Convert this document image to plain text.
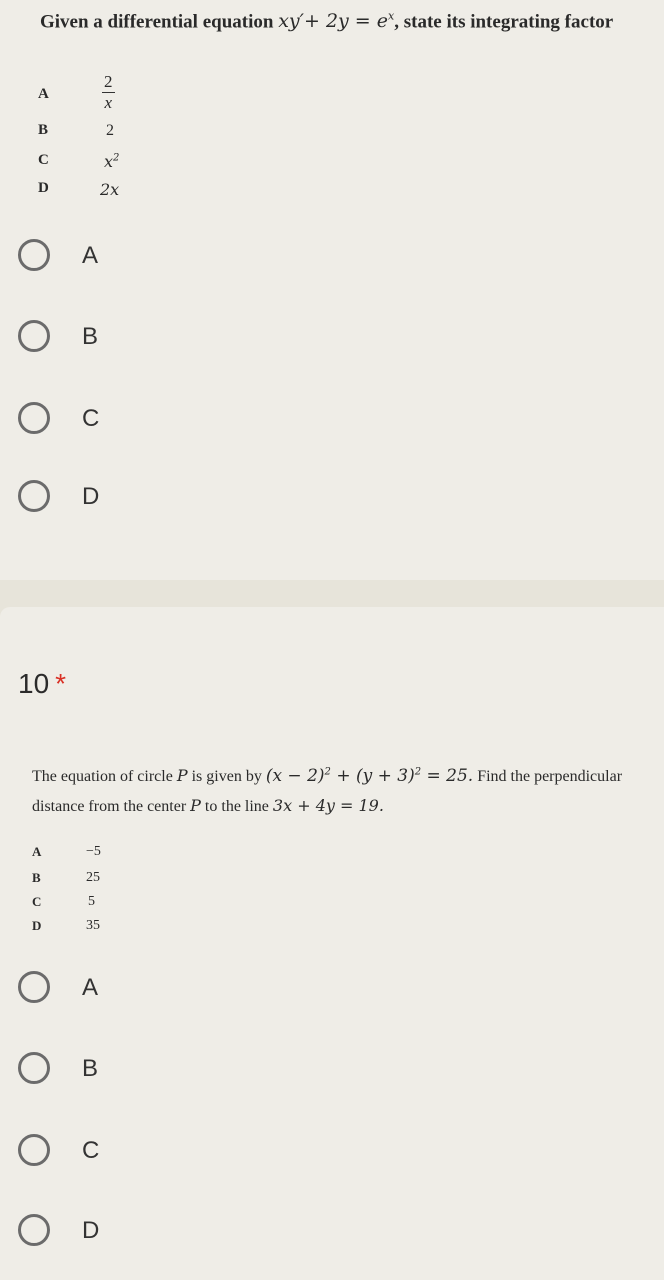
Given a differential equation $xy'+ 2y = e^x$, state its integrating factor
A	$\frac{2}{x}$
B	2
C	$x^2$
D	2x
A
B
C
D
10 *
The equation of circle P is given by $(x - 2)^2 + (y + 3)^2 = 25$. Find the perpendicular
distance from the center P to the line 3x + 4y = 19.
A	−5
B	25
C	5
D	35
A
B
C
D
